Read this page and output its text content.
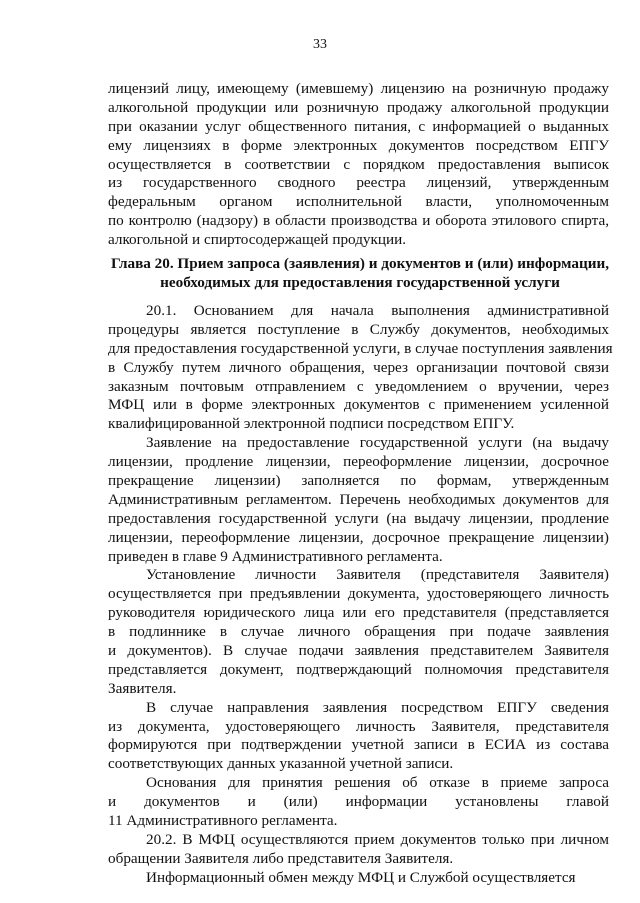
33
лицензий лицу, имеющему (имевшему) лицензию на розничную продажу
алкогольной продукции или розничную продажу алкогольной продукции
при оказании услуг общественного питания, с информацией о выданных
ему лицензиях в форме электронных документов посредством ЕПГУ
осуществляется в соответствии с порядком предоставления выписок
из государственного сводного реестра лицензий, утвержденным
федеральным органом исполнительной власти, уполномоченным
по контролю (надзору) в области производства и оборота этилового спирта,
алкогольной и спиртосодержащей продукции.
Глава 20. Прием запроса (заявления) и документов и (или) информации,
необходимых для предоставления государственной услуги
20.1. Основанием для начала выполнения административной
процедуры является поступление в Службу документов, необходимых
для предоставления государственной услуги, в случае поступления заявления
в Службу путем личного обращения, через организации почтовой связи
заказным почтовым отправлением с уведомлением о вручении, через
МФЦ или в форме электронных документов с применением усиленной
квалифицированной электронной подписи посредством ЕПГУ.
Заявление на предоставление государственной услуги (на выдачу
лицензии, продление лицензии, переоформление лицензии, досрочное
прекращение лицензии) заполняется по формам, утвержденным
Административным регламентом. Перечень необходимых документов для
предоставления государственной услуги (на выдачу лицензии, продление
лицензии, переоформление лицензии, досрочное прекращение лицензии)
приведен в главе 9 Административного регламента.
Установление личности Заявителя (представителя Заявителя)
осуществляется при предъявлении документа, удостоверяющего личность
руководителя юридического лица или его представителя (представляется
в подлиннике в случае личного обращения при подаче заявления
и документов). В случае подачи заявления представителем Заявителя
представляется документ, подтверждающий полномочия представителя
Заявителя.
В случае направления заявления посредством ЕПГУ сведения
из документа, удостоверяющего личность Заявителя, представителя
формируются при подтверждении учетной записи в ЕСИА из состава
соответствующих данных указанной учетной записи.
Основания для принятия решения об отказе в приеме запроса
и документов и (или) информации установлены главой
11 Административного регламента.
20.2. В МФЦ осуществляются прием документов только при личном
обращении Заявителя либо представителя Заявителя.
Информационный обмен между МФЦ и Службой осуществляется
